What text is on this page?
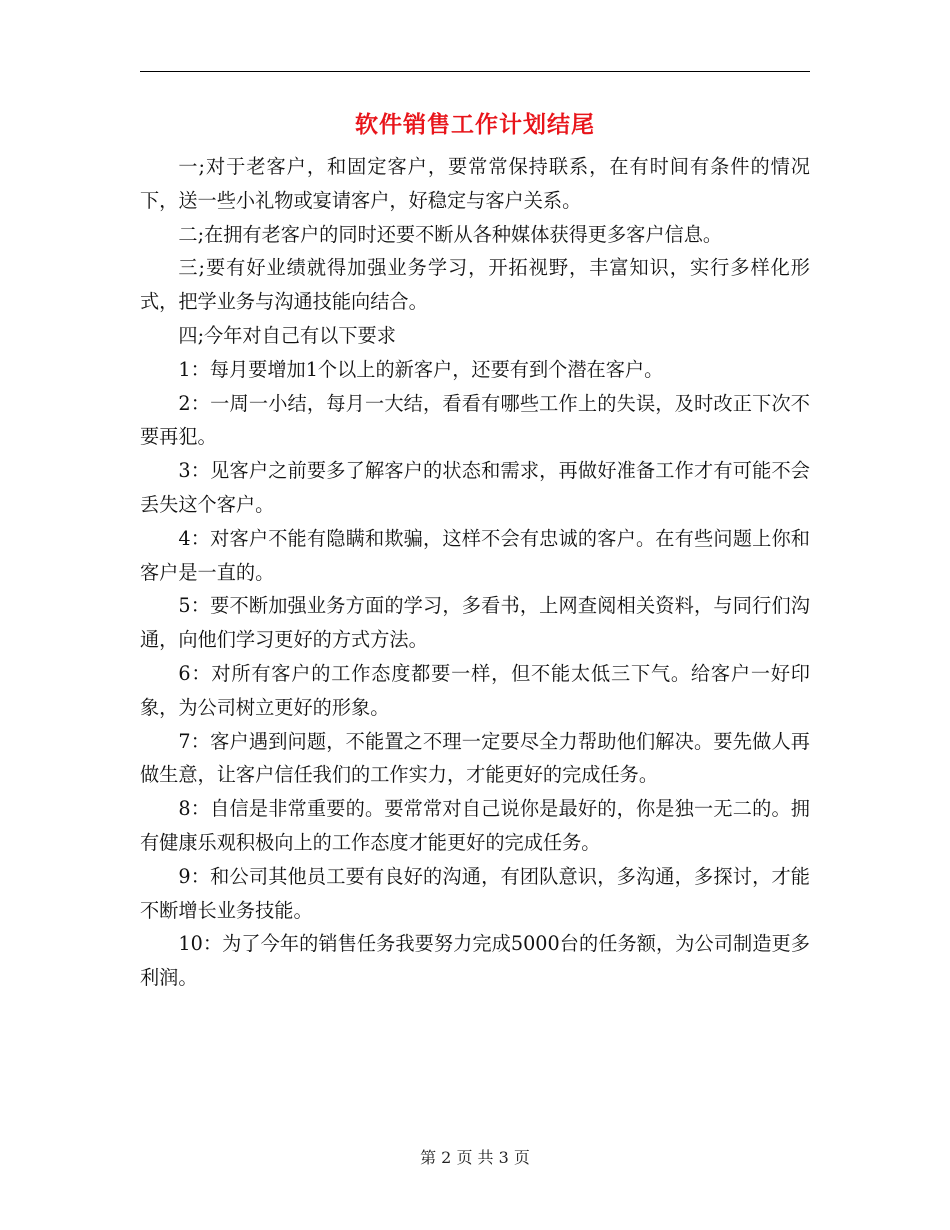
软件销售工作计划结尾

一;对于老客户，和固定客户，要常常保持联系，在有时间有条件的情况下，送一些小礼物或宴请客户，好稳定与客户关系。

二;在拥有老客户的同时还要不断从各种媒体获得更多客户信息。

三;要有好业绩就得加强业务学习，开拓视野，丰富知识，实行多样化形式，把学业务与沟通技能向结合。

四;今年对自己有以下要求

1：每月要增加1个以上的新客户，还要有到个潜在客户。

2：一周一小结，每月一大结，看看有哪些工作上的失误，及时改正下次不要再犯。

3：见客户之前要多了解客户的状态和需求，再做好准备工作才有可能不会丢失这个客户。

4：对客户不能有隐瞒和欺骗，这样不会有忠诚的客户。在有些问题上你和客户是一直的。

5：要不断加强业务方面的学习，多看书，上网查阅相关资料，与同行们沟通，向他们学习更好的方式方法。

6：对所有客户的工作态度都要一样，但不能太低三下气。给客户一好印象，为公司树立更好的形象。

7：客户遇到问题，不能置之不理一定要尽全力帮助他们解决。要先做人再做生意，让客户信任我们的工作实力，才能更好的完成任务。

8：自信是非常重要的。要常常对自己说你是最好的，你是独一无二的。拥有健康乐观积极向上的工作态度才能更好的完成任务。

9：和公司其他员工要有良好的沟通，有团队意识，多沟通，多探讨，才能不断增长业务技能。

10：为了今年的销售任务我要努力完成5000台的任务额，为公司制造更多利润。

第 2 页 共 3 页
